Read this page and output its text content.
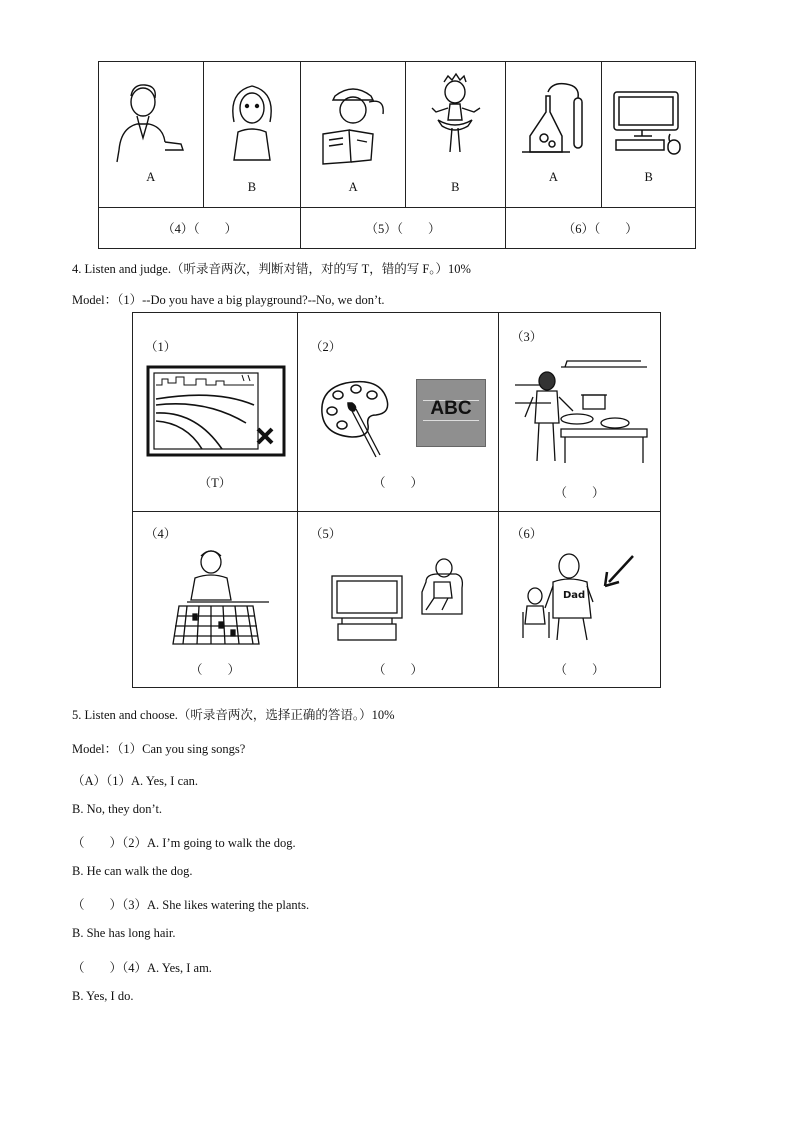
A	B	A	B	A	B

（4）（　　）		（5）（　　）		（6）（　　）	
4. Listen and judge.（听录音两次，判断对错，对的写 T，错的写 F。）10%
Model：（1）--Do you have a big playground?--No, we don’t.
（1）
（T）	（2）
ABC
（　　）	（3）
（　　）

（4）
（　　）	（5）
（　　）	（6）
Dad
（　　）
5. Listen and choose.（听录音两次，选择正确的答语。）10%
Model：（1）Can you sing songs?
（A）（1）A. Yes, I can.
B. No, they don’t.
（　　）（2）A. I’m going to walk the dog.
B. He can walk the dog.
（　　）（3）A. She likes watering the plants.
B. She has long hair.
（　　）（4）A. Yes, I am.
B. Yes, I do.
